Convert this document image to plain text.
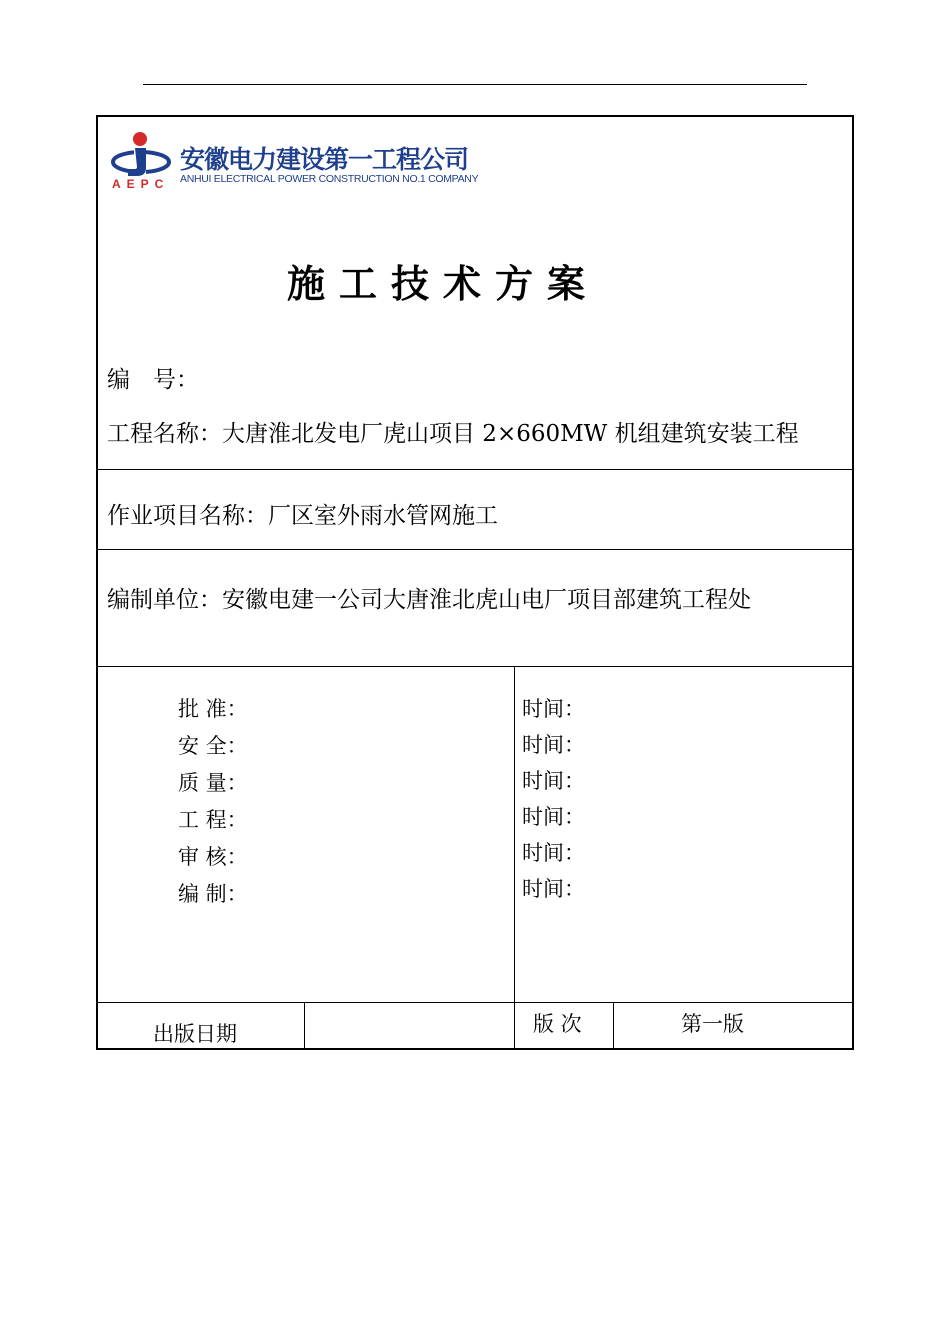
AEPC
安徽电力建设第一工程公司
ANHUI ELECTRICAL POWER CONSTRUCTION NO.1 COMPANY
施工技术方案
编　号：
工程名称：大唐淮北发电厂虎山项目 2×660MW 机组建筑安装工程
作业项目名称：厂区室外雨水管网施工
编制单位：安徽电建一公司大唐淮北虎山电厂项目部建筑工程处
批 准：
安 全：
质 量：
工 程：
审 核：
编 制：
时间：
时间：
时间：
时间：
时间：
时间：
出版日期	版 次	第一版
